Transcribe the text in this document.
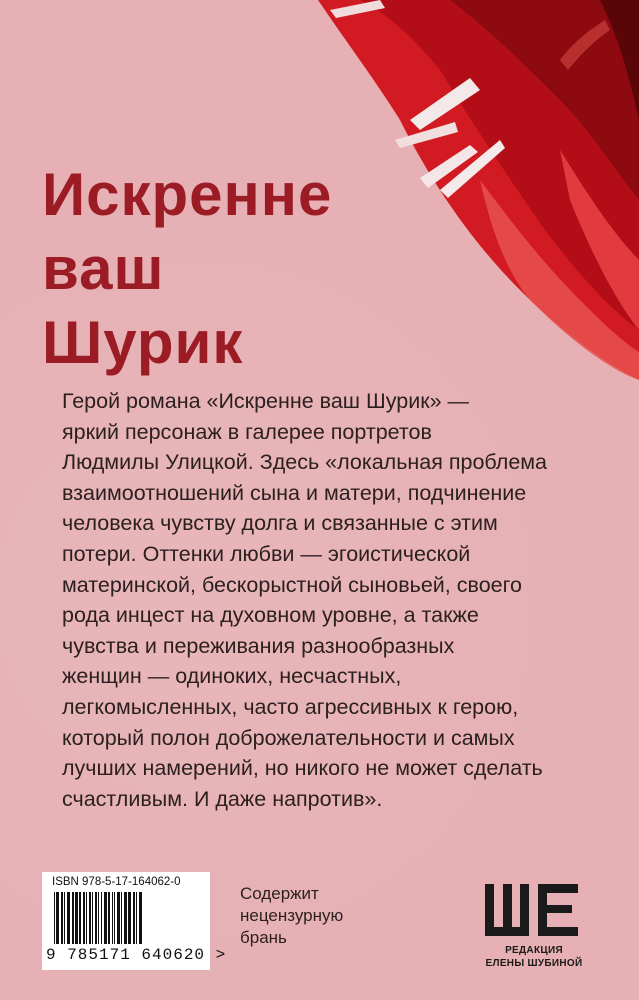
Искренне
ваш
Шурик
Герой романа «Искренне ваш Шурик» —
яркий персонаж в галерее портретов
Людмилы Улицкой. Здесь «локальная проблема
взаимоотношений сына и матери, подчинение
человека чувству долга и связанные с этим
потери. Оттенки любви — эгоистической
материнской, бескорыстной сыновьей, своего
рода инцест на духовном уровне, а также
чувства и переживания разнообразных
женщин — одиноких, несчастных,
легкомысленных, часто агрессивных к герою,
который полон доброжелательности и самых
лучших намерений, но никого не может сделать
счастливым. И даже напротив».
ISBN 978-5-17-164062-0
9 785171 640620 >
Содержит
нецензурную
брань
РЕДАКЦИЯ
ЕЛЕНЫ ШУБИНОЙ
